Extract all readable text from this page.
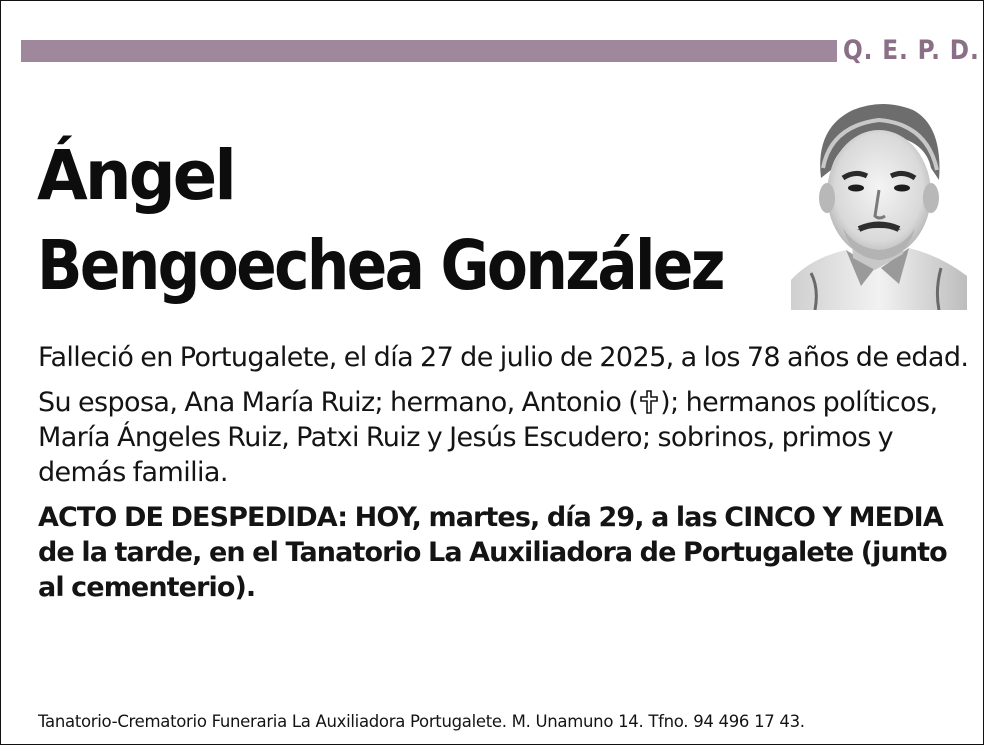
Q. E. P. D.
Ángel
Bengoechea González

Falleció en Portugalete, el día 27 de julio de 2025, a los 78 años de edad.

Su esposa, Ana María Ruiz; hermano, Antonio ( ); hermanos políticos, María Ángeles Ruiz, Patxi Ruiz y Jesús Escudero; sobrinos, primos y demás familia.

ACTO DE DESPEDIDA: HOY, martes, día 29, a las CINCO Y MEDIA de la tarde, en el Tanatorio La Auxiliadora de Portugalete (junto al cementerio).

Tanatorio-Crematorio Funeraria La Auxiliadora Portugalete. M. Unamuno 14. Tfno. 94 496 17 43.
